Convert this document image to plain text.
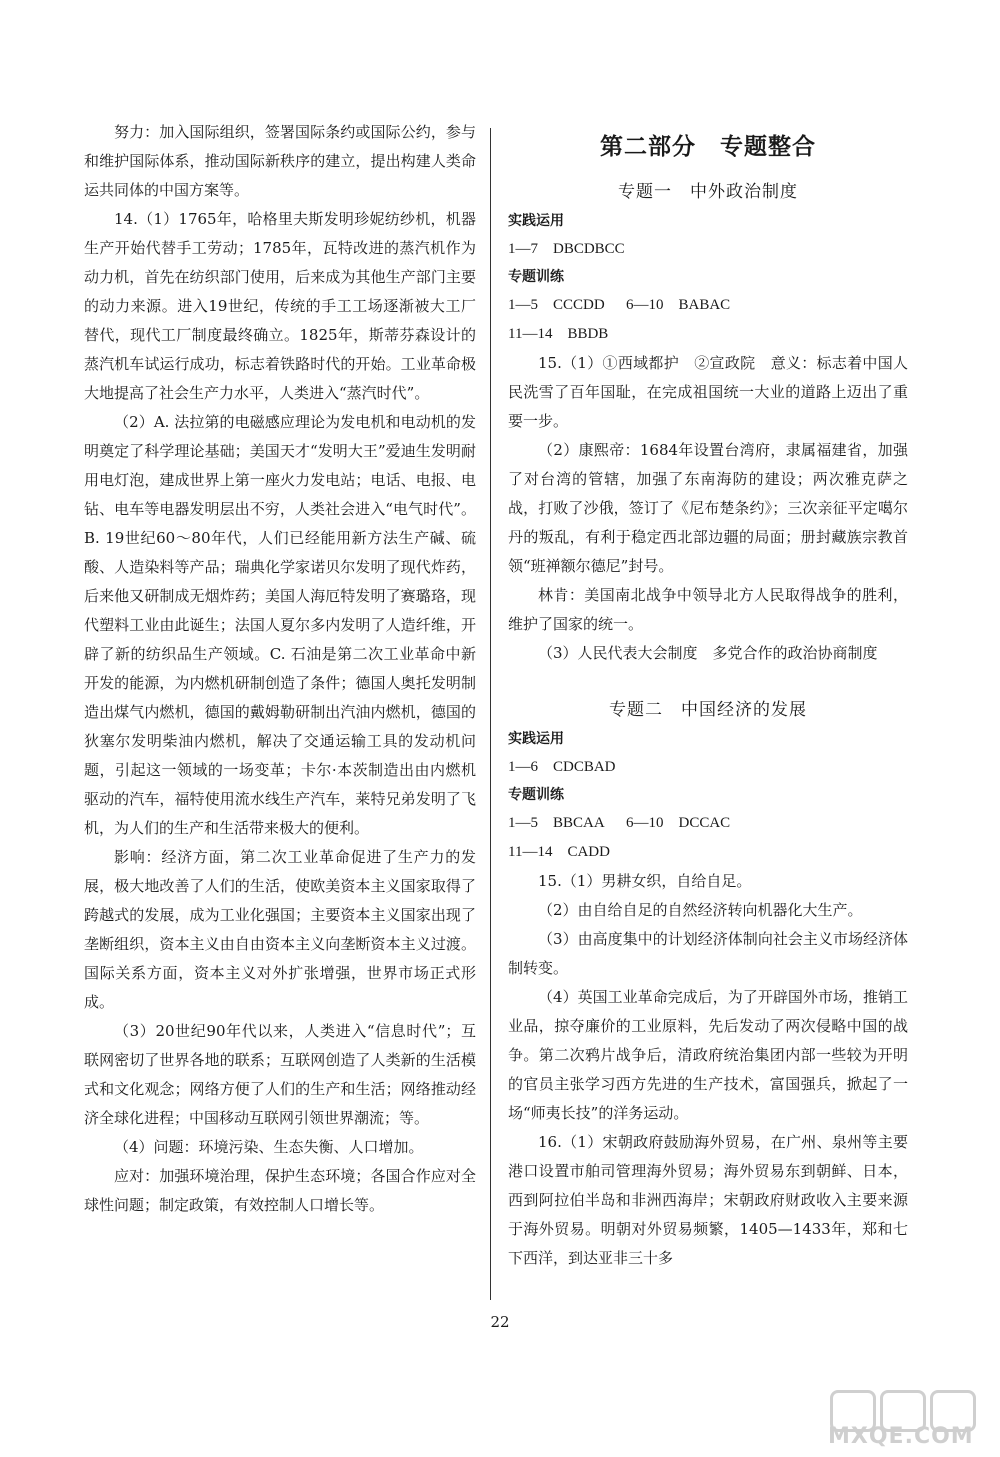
努力：加入国际组织，签署国际条约或国际公约，参与和维护国际体系，推动国际新秩序的建立，提出构建人类命运共同体的中国方案等。

14.（1）1765年，哈格里夫斯发明珍妮纺纱机，机器生产开始代替手工劳动；1785年，瓦特改进的蒸汽机作为动力机，首先在纺织部门使用，后来成为其他生产部门主要的动力来源。进入19世纪，传统的手工工场逐渐被大工厂替代，现代工厂制度最终确立。1825年，斯蒂芬森设计的蒸汽机车试运行成功，标志着铁路时代的开始。工业革命极大地提高了社会生产力水平，人类进入“蒸汽时代”。

（2）A. 法拉第的电磁感应理论为发电机和电动机的发明奠定了科学理论基础；美国天才“发明大王”爱迪生发明耐用电灯泡，建成世界上第一座火力发电站；电话、电报、电钻、电车等电器发明层出不穷，人类社会进入“电气时代”。B. 19世纪60～80年代，人们已经能用新方法生产碱、硫酸、人造染料等产品；瑞典化学家诺贝尔发明了现代炸药，后来他又研制成无烟炸药；美国人海厄特发明了赛璐珞，现代塑料工业由此诞生；法国人夏尔多内发明了人造纤维，开辟了新的纺织品生产领域。C. 石油是第二次工业革命中新开发的能源，为内燃机研制创造了条件；德国人奥托发明制造出煤气内燃机，德国的戴姆勒研制出汽油内燃机，德国的狄塞尔发明柴油内燃机，解决了交通运输工具的发动机问题，引起这一领域的一场变革；卡尔·本茨制造出由内燃机驱动的汽车，福特使用流水线生产汽车，莱特兄弟发明了飞机，为人们的生产和生活带来极大的便利。

影响：经济方面，第二次工业革命促进了生产力的发展，极大地改善了人们的生活，使欧美资本主义国家取得了跨越式的发展，成为工业化强国；主要资本主义国家出现了垄断组织，资本主义由自由资本主义向垄断资本主义过渡。国际关系方面，资本主义对外扩张增强，世界市场正式形成。

（3）20世纪90年代以来，人类进入“信息时代”；互联网密切了世界各地的联系；互联网创造了人类新的生活模式和文化观念；网络方便了人们的生产和生活；网络推动经济全球化进程；中国移动互联网引领世界潮流；等。

（4）问题：环境污染、生态失衡、人口增加。

应对：加强环境治理，保护生态环境；各国合作应对全球性问题；制定政策，有效控制人口增长等。

第二部分　专题整合
专题一　中外政治制度
实践运用
1—7　DBCDBCC
专题训练
1—5　CCCDD 6—10　BABAC
11—14　BBDB

15.（1）①西域都护　②宣政院　意义：标志着中国人民洗雪了百年国耻，在完成祖国统一大业的道路上迈出了重要一步。

（2）康熙帝：1684年设置台湾府，隶属福建省，加强了对台湾的管辖，加强了东南海防的建设；两次雅克萨之战，打败了沙俄，签订了《尼布楚条约》；三次亲征平定噶尔丹的叛乱，有利于稳定西北部边疆的局面；册封藏族宗教首领“班禅额尔德尼”封号。

林肯：美国南北战争中领导北方人民取得战争的胜利，维护了国家的统一。

（3）人民代表大会制度　多党合作的政治协商制度

专题二　中国经济的发展
实践运用
1—6　CDCBAD
专题训练
1—5　BBCAA 6—10　DCCAC
11—14　CADD

15.（1）男耕女织，自给自足。

（2）由自给自足的自然经济转向机器化大生产。

（3）由高度集中的计划经济体制向社会主义市场经济体制转变。

（4）英国工业革命完成后，为了开辟国外市场，推销工业品，掠夺廉价的工业原料，先后发动了两次侵略中国的战争。第二次鸦片战争后，清政府统治集团内部一些较为开明的官员主张学习西方先进的生产技术，富国强兵，掀起了一场“师夷长技”的洋务运动。

16.（1）宋朝政府鼓励海外贸易，在广州、泉州等主要港口设置市舶司管理海外贸易；海外贸易东到朝鲜、日本，西到阿拉伯半岛和非洲西海岸；宋朝政府财政收入主要来源于海外贸易。明朝对外贸易频繁，1405—1433年，郑和七下西洋，到达亚非三十多

22
MXQE.COM
